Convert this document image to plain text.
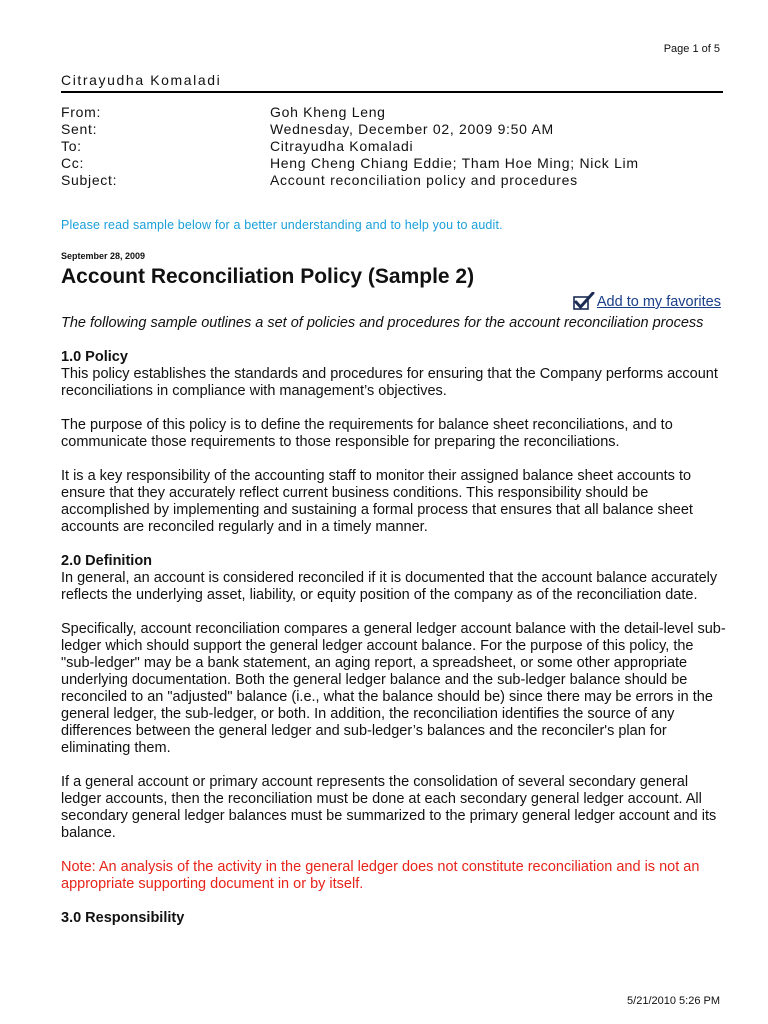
Page 1 of 5
Citrayudha Komaladi
From:	Goh Kheng Leng
Sent:	Wednesday, December 02, 2009 9:50 AM
To:	Citrayudha Komaladi
Cc:	Heng Cheng Chiang Eddie; Tham Hoe Ming; Nick Lim
Subject:	Account reconciliation policy and procedures
Please read sample below for a better understanding and to help you to audit.
September 28, 2009
Account Reconciliation Policy (Sample 2)
Add to my favorites

The following sample outlines a set of policies and procedures for the account reconciliation process

1.0 Policy

This policy establishes the standards and procedures for ensuring that the Company performs account reconciliations in compliance with management’s objectives.

The purpose of this policy is to define the requirements for balance sheet reconciliations, and to communicate those requirements to those responsible for preparing the reconciliations.

It is a key responsibility of the accounting staff to monitor their assigned balance sheet accounts to ensure that they accurately reflect current business conditions. This responsibility should be accomplished by implementing and sustaining a formal process that ensures that all balance sheet accounts are reconciled regularly and in a timely manner.

2.0 Definition

In general, an account is considered reconciled if it is documented that the account balance accurately reflects the underlying asset, liability, or equity position of the company as of the reconciliation date.

Specifically, account reconciliation compares a general ledger account balance with the detail-level sub-ledger which should support the general ledger account balance. For the purpose of this policy, the "sub-ledger" may be a bank statement, an aging report, a spreadsheet, or some other appropriate underlying documentation. Both the general ledger balance and the sub-ledger balance should be reconciled to an "adjusted" balance (i.e., what the balance should be) since there may be errors in the general ledger, the sub-ledger, or both. In addition, the reconciliation identifies the source of any differences between the general ledger and sub-ledger’s balances and the reconciler's plan for eliminating them.

If a general account or primary account represents the consolidation of several secondary general ledger accounts, then the reconciliation must be done at each secondary general ledger account. All secondary general ledger balances must be summarized to the primary general ledger account and its balance.

Note: An analysis of the activity in the general ledger does not constitute reconciliation and is not an appropriate supporting document in or by itself.

3.0 Responsibility

5/21/2010 5:26 PM
